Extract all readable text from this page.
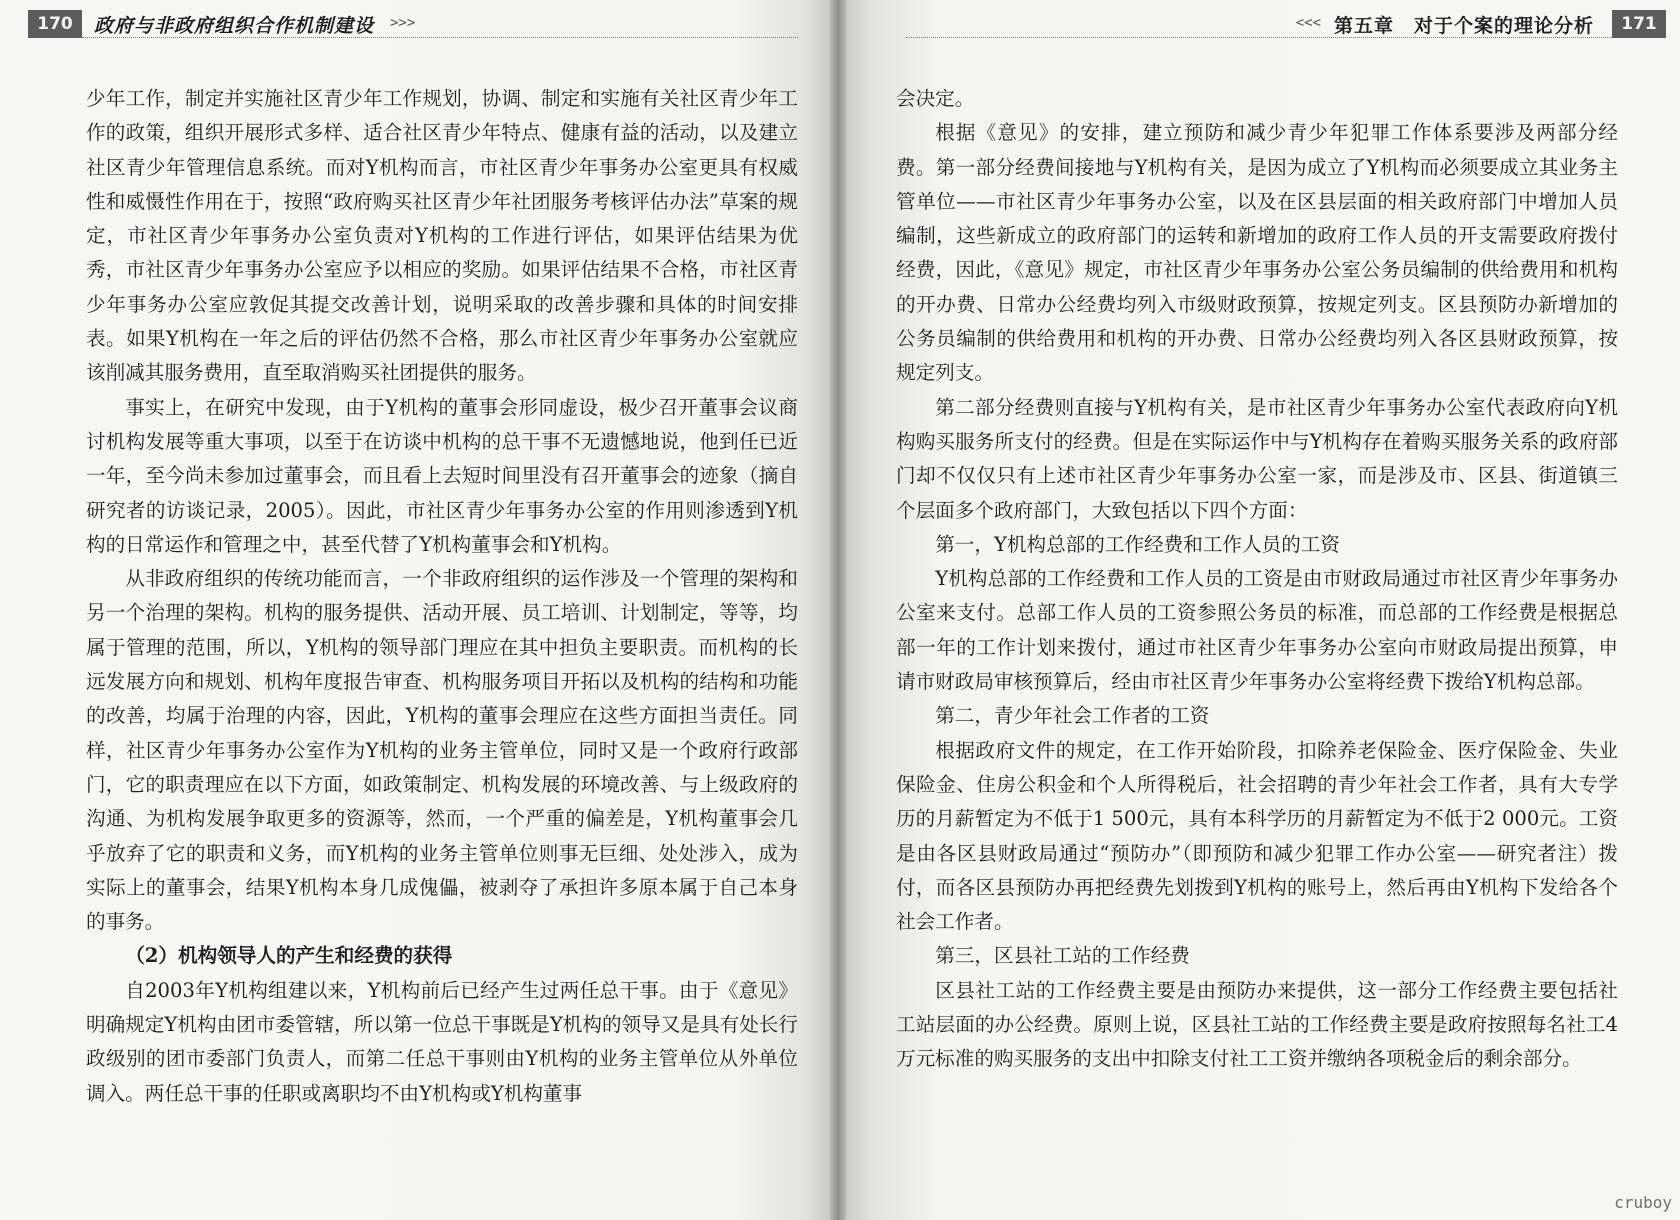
170	政府与非政府组织合作机制建设 >>>

少年工作，制定并实施社区青少年工作规划，协调、制定和实施有关社区青少年工作的政策，组织开展形式多样、适合社区青少年特点、健康有益的活动，以及建立社区青少年管理信息系统。而对Y机构而言，市社区青少年事务办公室更具有权威性和威慑性作用在于，按照“政府购买社区青少年社团服务考核评估办法”草案的规定，市社区青少年事务办公室负责对Y机构的工作进行评估，如果评估结果为优秀，市社区青少年事务办公室应予以相应的奖励。如果评估结果不合格，市社区青少年事务办公室应敦促其提交改善计划，说明采取的改善步骤和具体的时间安排表。如果Y机构在一年之后的评估仍然不合格，那么市社区青少年事务办公室就应该削减其服务费用，直至取消购买社团提供的服务。

事实上，在研究中发现，由于Y机构的董事会形同虚设，极少召开董事会议商讨机构发展等重大事项，以至于在访谈中机构的总干事不无遗憾地说，他到任已近一年，至今尚未参加过董事会，而且看上去短时间里没有召开董事会的迹象（摘自研究者的访谈记录，2005）。因此，市社区青少年事务办公室的作用则渗透到Y机构的日常运作和管理之中，甚至代替了Y机构董事会和Y机构。

从非政府组织的传统功能而言，一个非政府组织的运作涉及一个管理的架构和另一个治理的架构。机构的服务提供、活动开展、员工培训、计划制定，等等，均属于管理的范围，所以，Y机构的领导部门理应在其中担负主要职责。而机构的长远发展方向和规划、机构年度报告审查、机构服务项目开拓以及机构的结构和功能的改善，均属于治理的内容，因此，Y机构的董事会理应在这些方面担当责任。同样，社区青少年事务办公室作为Y机构的业务主管单位，同时又是一个政府行政部门，它的职责理应在以下方面，如政策制定、机构发展的环境改善、与上级政府的沟通、为机构发展争取更多的资源等，然而，一个严重的偏差是，Y机构董事会几乎放弃了它的职责和义务，而Y机构的业务主管单位则事无巨细、处处涉入，成为实际上的董事会，结果Y机构本身几成傀儡，被剥夺了承担许多原本属于自己本身的事务。

（2）机构领导人的产生和经费的获得

自2003年Y机构组建以来，Y机构前后已经产生过两任总干事。由于《意见》明确规定Y机构由团市委管辖，所以第一位总干事既是Y机构的领导又是具有处长行政级别的团市委部门负责人，而第二任总干事则由Y机构的业务主管单位从外单位调入。两任总干事的任职或离职均不由Y机构或Y机构董事

<<< 第五章　对于个案的理论分析	171

会决定。

根据《意见》的安排，建立预防和减少青少年犯罪工作体系要涉及两部分经费。第一部分经费间接地与Y机构有关，是因为成立了Y机构而必须要成立其业务主管单位——市社区青少年事务办公室，以及在区县层面的相关政府部门中增加人员编制，这些新成立的政府部门的运转和新增加的政府工作人员的开支需要政府拨付经费，因此，《意见》规定，市社区青少年事务办公室公务员编制的供给费用和机构的开办费、日常办公经费均列入市级财政预算，按规定列支。区县预防办新增加的公务员编制的供给费用和机构的开办费、日常办公经费均列入各区县财政预算，按规定列支。

第二部分经费则直接与Y机构有关，是市社区青少年事务办公室代表政府向Y机构购买服务所支付的经费。但是在实际运作中与Y机构存在着购买服务关系的政府部门却不仅仅只有上述市社区青少年事务办公室一家，而是涉及市、区县、街道镇三个层面多个政府部门，大致包括以下四个方面：

第一，Y机构总部的工作经费和工作人员的工资

Y机构总部的工作经费和工作人员的工资是由市财政局通过市社区青少年事务办公室来支付。总部工作人员的工资参照公务员的标准，而总部的工作经费是根据总部一年的工作计划来拨付，通过市社区青少年事务办公室向市财政局提出预算，申请市财政局审核预算后，经由市社区青少年事务办公室将经费下拨给Y机构总部。

第二，青少年社会工作者的工资

根据政府文件的规定，在工作开始阶段，扣除养老保险金、医疗保险金、失业保险金、住房公积金和个人所得税后，社会招聘的青少年社会工作者，具有大专学历的月薪暂定为不低于1 500元，具有本科学历的月薪暂定为不低于2 000元。工资是由各区县财政局通过“预防办”（即预防和减少犯罪工作办公室——研究者注）拨付，而各区县预防办再把经费先划拨到Y机构的账号上，然后再由Y机构下发给各个社会工作者。

第三，区县社工站的工作经费

区县社工站的工作经费主要是由预防办来提供，这一部分工作经费主要包括社工站层面的办公经费。原则上说，区县社工站的工作经费主要是政府按照每名社工4万元标准的购买服务的支出中扣除支付社工工资并缴纳各项税金后的剩余部分。

cruboy
